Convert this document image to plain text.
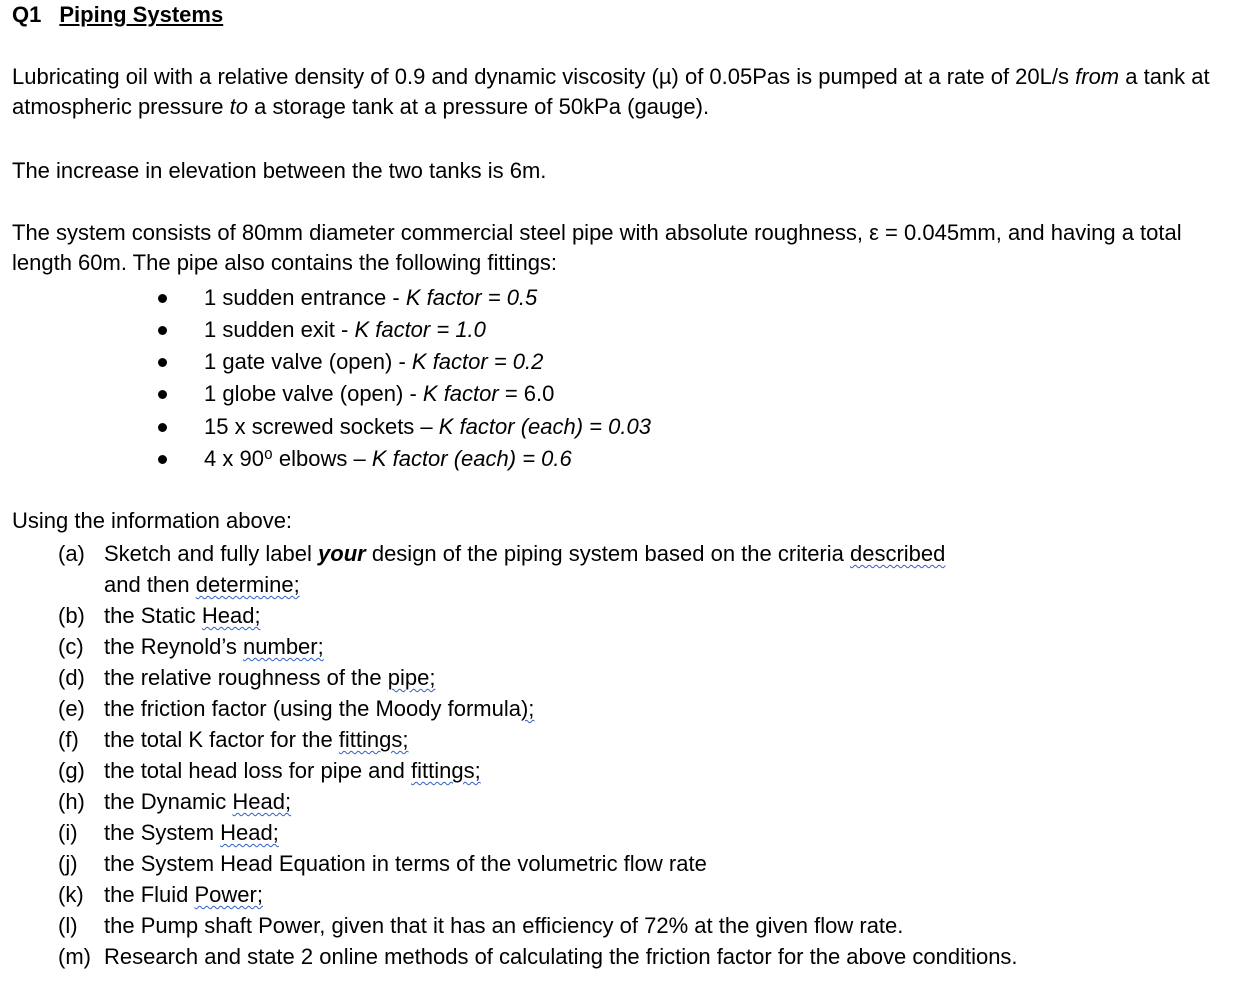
Q1 Piping Systems
Lubricating oil with a relative density of 0.9 and dynamic viscosity (µ) of 0.05Pas is pumped at a rate of 20L/s from a tank at atmospheric pressure to a storage tank at a pressure of 50kPa (gauge).
The increase in elevation between the two tanks is 6m.
The system consists of 80mm diameter commercial steel pipe with absolute roughness, ε = 0.045mm, and having a total length 60m. The pipe also contains the following fittings:
1 sudden entrance - K factor = 0.5
1 sudden exit - K factor = 1.0
1 gate valve (open) - K factor = 0.2
1 globe valve (open) - K factor = 6.0
15 x screwed sockets – K factor (each) = 0.03
4 x 90⁰ elbows – K factor (each) = 0.6
Using the information above:
(a) Sketch and fully label your design of the piping system based on the criteria described
and then determine;
(b) the Static Head;
(c) the Reynold’s number;
(d) the relative roughness of the pipe;
(e) the friction factor (using the Moody formula);
(f) the total K factor for the fittings;
(g) the total head loss for pipe and fittings;
(h) the Dynamic Head;
(i) the System Head;
(j) the System Head Equation in terms of the volumetric flow rate
(k) the Fluid Power;
(l) the Pump shaft Power, given that it has an efficiency of 72% at the given flow rate.
(m) Research and state 2 online methods of calculating the friction factor for the above conditions.
